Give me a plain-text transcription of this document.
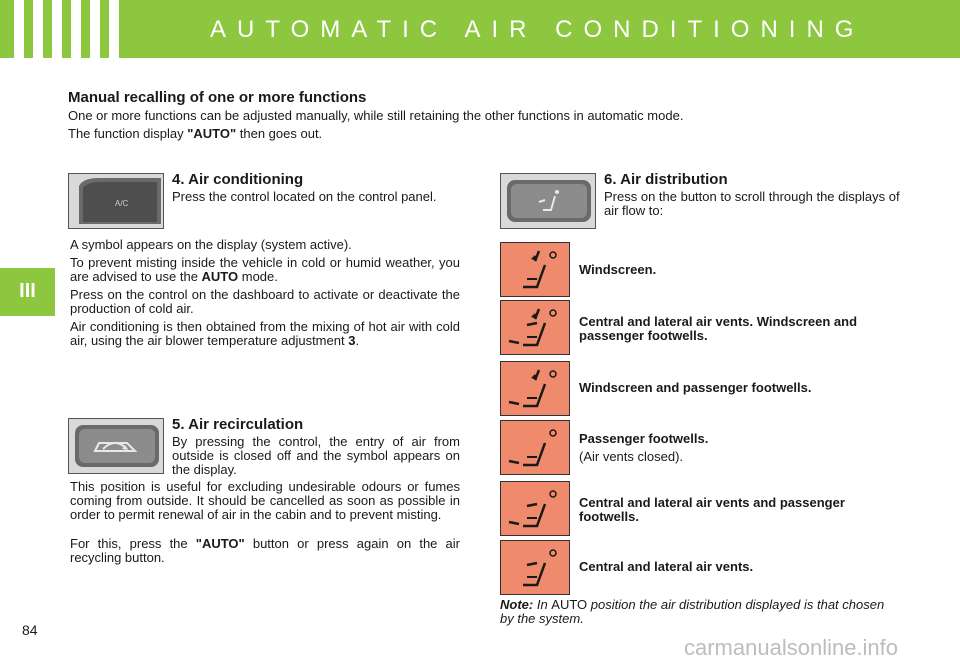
AUTOMATIC AIR CONDITIONING
III
Manual recalling of one or more functions
One or more functions can be adjusted manually, while still retaining the other functions in automatic mode.
The function display "AUTO" then goes out.
A/C
4. Air conditioning
Press the control located on the control panel.
A symbol appears on the display (system active).
To prevent misting inside the vehicle in cold or humid weather, you are advised to use the AUTO mode.
Press on the control on the dashboard to activate or deactivate the production of cold air.
Air conditioning is then obtained from the mixing of hot air with cold air, using the air blower temperature adjustment 3.
5. Air recirculation
By pressing the control, the entry of air from outside is closed off and the symbol appears on the display.
This position is useful for excluding undesirable odours or fumes coming from outside. It should be cancelled as soon as possible in order to permit renewal of air in the cabin and to prevent misting.
For this, press the "AUTO" button or press again on the air recycling button.
6. Air distribution
Press on the button to scroll through the displays of air flow to:
Windscreen.
Central and lateral air vents. Windscreen and passenger footwells.
Windscreen and passenger footwells.
Passenger footwells.
(Air vents closed).
Central and lateral air vents and passenger footwells.
Central and lateral air vents.
Note: In AUTO position the air distribution displayed is that chosen by the system.
84
carmanualsonline.info
